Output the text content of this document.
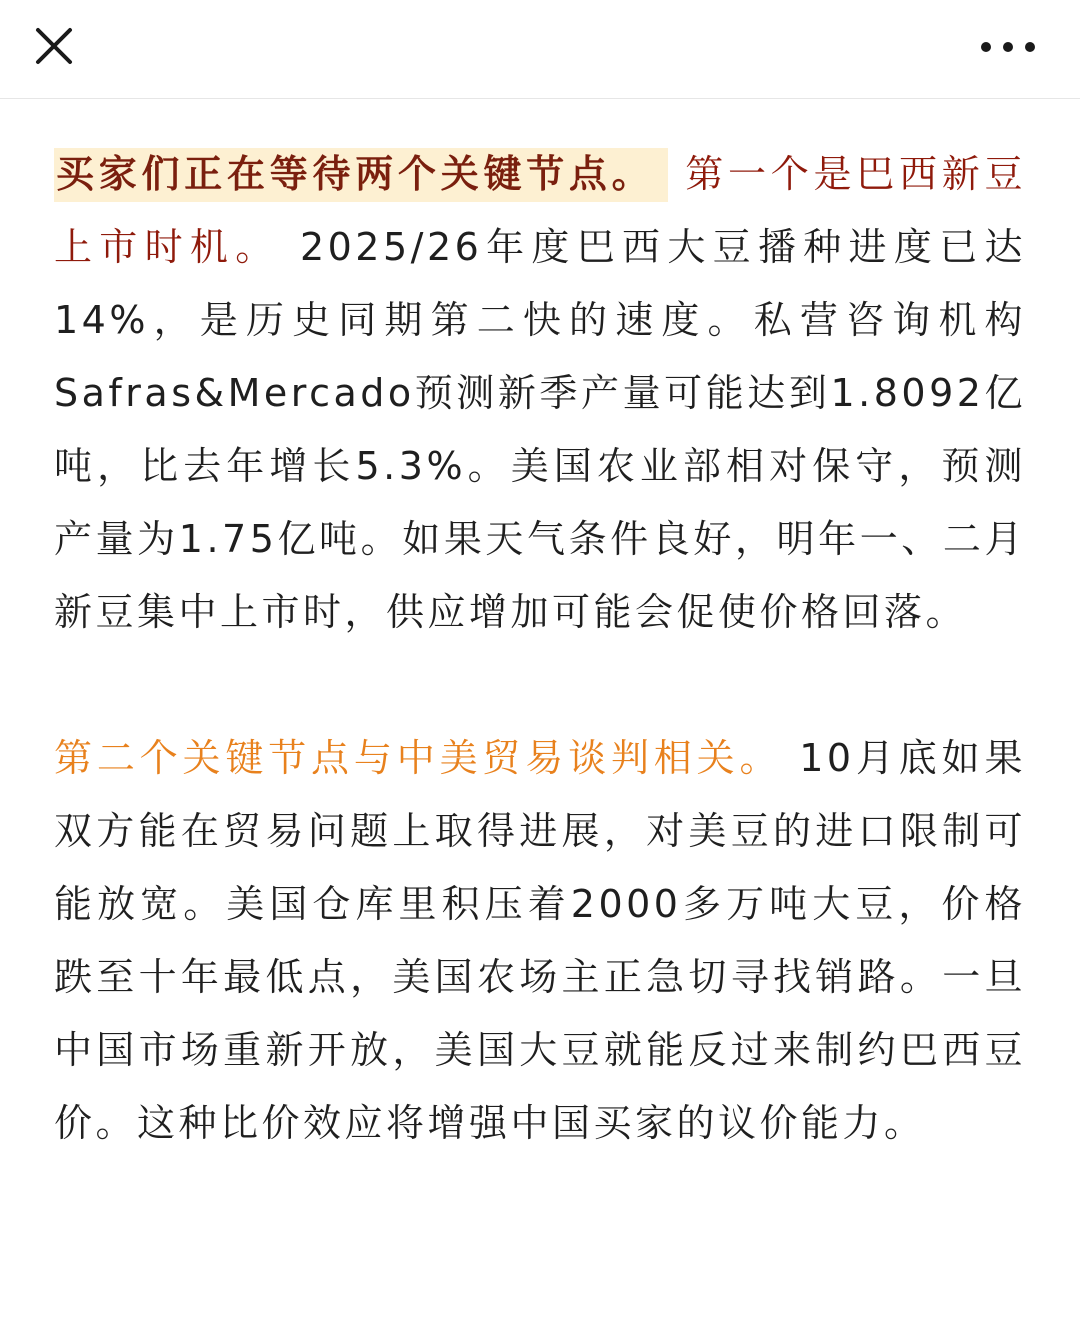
买家们正在等待两个关键节点。 第一个是巴西新豆上市时机。 2025/26年度巴西大豆播种进度已达14%，是历史同期第二快的速度。私营咨询机构Safras&Mercado预测新季产量可能达到1.8092亿吨，比去年增长5.3%。美国农业部相对保守，预测产量为1.75亿吨。如果天气条件良好，明年一、二月新豆集中上市时，供应增加可能会促使价格回落。

第二个关键节点与中美贸易谈判相关。 10月底如果双方能在贸易问题上取得进展，对美豆的进口限制可能放宽。美国仓库里积压着2000多万吨大豆，价格跌至十年最低点，美国农场主正急切寻找销路。一旦中国市场重新开放，美国大豆就能反过来制约巴西豆价。这种比价效应将增强中国买家的议价能力。
